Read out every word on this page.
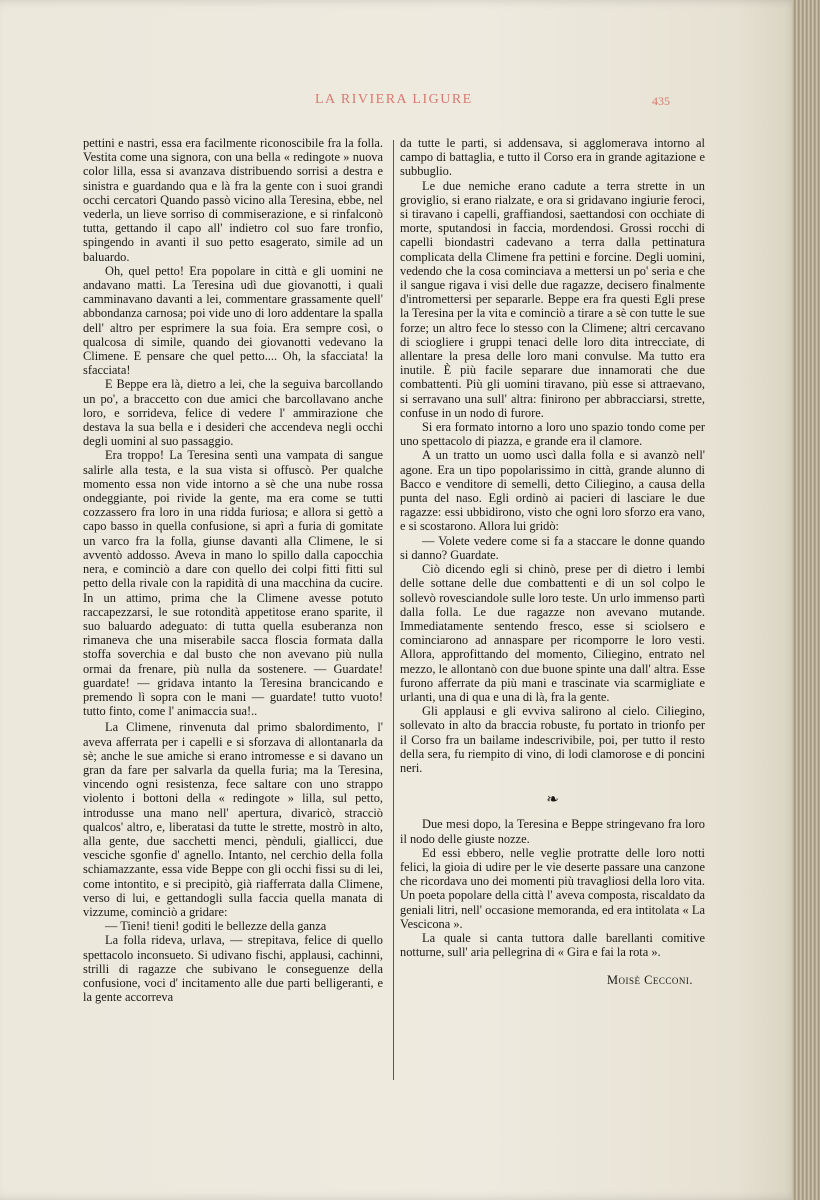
LA RIVIERA LIGURE	435

pettini e nastri, essa era facilmente riconoscibile fra la folla. Vestita come una signora, con una bella « redingote » nuova color lilla, essa si avanzava distribuendo sorrisi a destra e sinistra e guardando qua e là fra la gente con i suoi grandi occhi cercatori Quando passò vicino alla Teresina, ebbe, nel vederla, un lieve sorriso di commiserazione, e si rinfalconò tutta, gettando il capo all' indietro col suo fare tronfio, spingendo in avanti il suo petto esagerato, simile ad un baluardo.

Oh, quel petto! Era popolare in città e gli uomini ne andavano matti. La Teresina udì due giovanotti, i quali camminavano davanti a lei, commentare grassamente quell' abbondanza carnosa; poi vide uno di loro addentare la spalla dell' altro per esprimere la sua foia. Era sempre così, o qualcosa di simile, quando dei giovanotti vedevano la Climene. E pensare che quel petto.... Oh, la sfacciata! la sfacciata!

E Beppe era là, dietro a lei, che la seguiva barcollando un po', a braccetto con due amici che barcollavano anche loro, e sorrideva, felice di vedere l' ammirazione che destava la sua bella e i desideri che accendeva negli occhi degli uomini al suo passaggio.

Era troppo! La Teresina sentì una vampata di sangue salirle alla testa, e la sua vista si offuscò. Per qualche momento essa non vide intorno a sè che una nube rossa ondeggiante, poi rivide la gente, ma era come se tutti cozzassero fra loro in una ridda furiosa; e allora si gettò a capo basso in quella confusione, si aprì a furia di gomitate un varco fra la folla, giunse davanti alla Climene, le si avventò addosso. Aveva in mano lo spillo dalla capocchia nera, e cominciò a dare con quello dei colpi fitti fitti sul petto della rivale con la rapidità di una macchina da cucire. In un attimo, prima che la Climene avesse potuto raccapezzarsi, le sue rotondità appetitose erano sparite, il suo baluardo adeguato: di tutta quella esuberanza non rimaneva che una miserabile sacca floscia formata dalla stoffa soverchia e dal busto che non avevano più nulla ormai da frenare, più nulla da sostenere. — Guardate! guardate! — gridava intanto la Teresina brancicando e premendo lì sopra con le mani — guardate! tutto vuoto! tutto finto, come l' animaccia sua!..

La Climene, rinvenuta dal primo sbalordimento, l' aveva afferrata per i capelli e si sforzava di allontanarla da sè; anche le sue amiche si erano intromesse e si davano un gran da fare per salvarla da quella furia; ma la Teresina, vincendo ogni resistenza, fece saltare con uno strappo violento i bottoni della « redingote » lilla, sul petto, introdusse una mano nell' apertura, divaricò, stracciò qualcos' altro, e, liberatasi da tutte le strette, mostrò in alto, alla gente, due sacchetti menci, pènduli, giallicci, due vesciche sgonfie d' agnello. Intanto, nel cerchio della folla schiamazzante, essa vide Beppe con gli occhi fissi su di lei, come intontito, e si precipitò, già riafferrata dalla Climene, verso di lui, e gettandogli sulla faccia quella manata di vizzume, cominciò a gridare:

— Tieni! tieni! goditi le bellezze della ganza

La folla rideva, urlava, — strepitava, felice di quello spettacolo inconsueto. Si udivano fischi, applausi, cachinni, strilli di ragazze che subivano le conseguenze della confusione, voci d' incitamento alle due parti belligeranti, e la gente accorreva

da tutte le parti, si addensava, si agglomerava intorno al campo di battaglia, e tutto il Corso era in grande agitazione e subbuglio.

Le due nemiche erano cadute a terra strette in un groviglio, si erano rialzate, e ora si gridavano ingiurie feroci, si tiravano i capelli, graffiandosi, saettandosi con occhiate di morte, sputandosi in faccia, mordendosi. Grossi rocchi di capelli biondastri cadevano a terra dalla pettinatura complicata della Climene fra pettini e forcine. Degli uomini, vedendo che la cosa cominciava a mettersi un po' seria e che il sangue rigava i visi delle due ragazze, decisero finalmente d'intromettersi per separarle. Beppe era fra questi Egli prese la Teresina per la vita e cominciò a tirare a sè con tutte le sue forze; un altro fece lo stesso con la Climene; altri cercavano di sciogliere i gruppi tenaci delle loro dita intrecciate, di allentare la presa delle loro mani convulse. Ma tutto era inutile. È più facile separare due innamorati che due combattenti. Più gli uomini tiravano, più esse si attraevano, si serravano una sull' altra: finirono per abbracciarsi, strette, confuse in un nodo di furore.

Si era formato intorno a loro uno spazio tondo come per uno spettacolo di piazza, e grande era il clamore.

A un tratto un uomo uscì dalla folla e si avanzò nell' agone. Era un tipo popolarissimo in città, grande alunno di Bacco e venditore di semelli, detto Ciliegino, a causa della punta del naso. Egli ordinò ai pacieri di lasciare le due ragazze: essi ubbidirono, visto che ogni loro sforzo era vano, e si scostarono. Allora lui gridò:

— Volete vedere come si fa a staccare le donne quando si danno? Guardate.

Ciò dicendo egli si chinò, prese per di dietro i lembi delle sottane delle due combattenti e di un sol colpo le sollevò rovesciandole sulle loro teste. Un urlo immenso partì dalla folla. Le due ragazze non avevano mutande. Immediatamente sentendo fresco, esse si sciolsero e cominciarono ad annaspare per ricomporre le loro vesti. Allora, approfittando del momento, Ciliegino, entrato nel mezzo, le allontanò con due buone spinte una dall' altra. Esse furono afferrate da più mani e trascinate via scarmigliate e urlanti, una di qua e una di là, fra la gente.

Gli applausi e gli evviva salirono al cielo. Ciliegino, sollevato in alto da braccia robuste, fu portato in trionfo per il Corso fra un bailame indescrivibile, poi, per tutto il resto della sera, fu riempito di vino, di lodi clamorose e di poncini neri.

❧

Due mesi dopo, la Teresina e Beppe stringevano fra loro il nodo delle giuste nozze.

Ed essi ebbero, nelle veglie protratte delle loro notti felici, la gioia di udire per le vie deserte passare una canzone che ricordava uno dei momenti più travagliosi della loro vita. Un poeta popolare della città l' aveva composta, riscaldato da geniali litri, nell' occasione memoranda, ed era intitolata « La Vescicona ».

La quale si canta tuttora dalle barellanti comitive notturne, sull' aria pellegrina di « Gira e fai la rota ».

Moisè Cecconi.
